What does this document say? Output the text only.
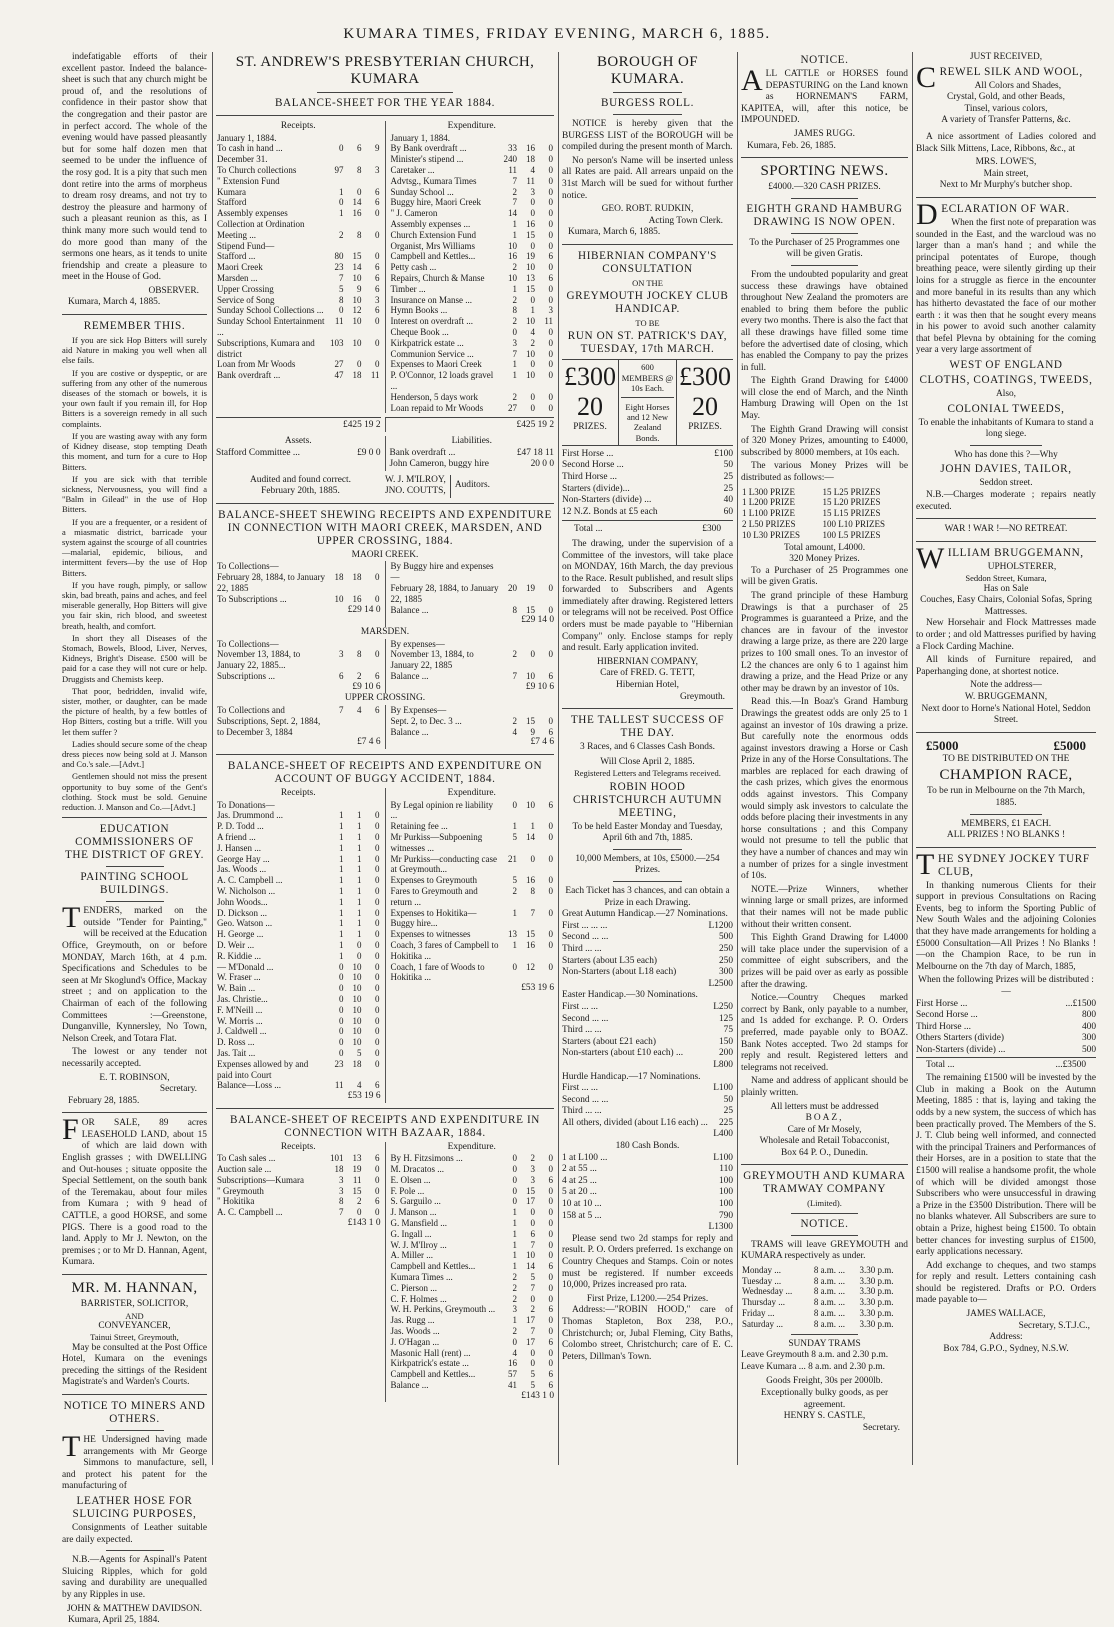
KUMARA TIMES, FRIDAY EVENING, MARCH 6, 1885.

indefatigable efforts of their excellent pastor. Indeed the balance-sheet is such that any church might be proud of, and the resolutions of confidence in their pastor show that the congregation and their pastor are in perfect accord. The whole of the evening would have passed pleasantly but for some half dozen men that seemed to be under the influence of the rosy god. It is a pity that such men dont retire into the arms of morpheus to dream rosy dreams, and not try to destroy the pleasure and harmony of such a pleasant reunion as this, as I think many more such would tend to do more good than many of the sermons one hears, as it tends to unite friendship and create a pleasure to meet in the House of God.

OBSERVER.
Kumara, March 4, 1885.
REMEMBER THIS.

If you are sick Hop Bitters will surely aid Nature in making you well when all else fails.

If you are costive or dyspeptic, or are suffering from any other of the numerous diseases of the stomach or bowels, it is your own fault if you remain ill, for Hop Bitters is a sovereign remedy in all such complaints.

If you are wasting away with any form of Kidney disease, stop tempting Death this moment, and turn for a cure to Hop Bitters.

If you are sick with that terrible sickness, Nervousness, you will find a "Balm in Gilead" in the use of Hop Bitters.

If you are a frequenter, or a resident of a miasmatic district, barricade your system against the scourge of all countries—malarial, epidemic, bilious, and intermittent fevers—by the use of Hop Bitters.

If you have rough, pimply, or sallow skin, bad breath, pains and aches, and feel miserable generally, Hop Bitters will give you fair skin, rich blood, and sweetest breath, health, and comfort.

In short they all Diseases of the Stomach, Bowels, Blood, Liver, Nerves, Kidneys, Bright's Disease. £500 will be paid for a case they will not cure or help. Druggists and Chemists keep.

That poor, bedridden, invalid wife, sister, mother, or daughter, can be made the picture of health, by a few bottles of Hop Bitters, costing but a trifle. Will you let them suffer ?

Ladies should secure some of the cheap dress pieces now being sold at J. Manson and Co.'s sale.—[Advt.]

Gentlemen should not miss the present opportunity to buy some of the Gent's clothing. Stock must be sold. Genuine reduction. J. Manson and Co.—[Advt.]

EDUCATION COMMISSIONERS OF THE DISTRICT OF GREY.
PAINTING SCHOOL BUILDINGS.

TENDERS, marked on the outside "Tender for Painting," will be received at the Education Office, Greymouth, on or before MONDAY, March 16th, at 4 p.m. Specifications and Schedules to be seen at Mr Skoglund's Office, Mackay street ; and on application to the Chairman of each of the following Committees :—Greenstone, Dunganville, Kynnersley, No Town, Nelson Creek, and Totara Flat.

The lowest or any tender not necessarily accepted.

E. T. ROBINSON,
Secretary.
February 28, 1885.

FOR SALE, 89 acres LEASEHOLD LAND, about 15 of which are laid down with English grasses ; with DWELLING and Out-houses ; situate opposite the Special Settlement, on the south bank of the Teremakau, about four miles from Kumara ; with 9 head of CATTLE, a good HORSE, and some PIGS. There is a good road to the land. Apply to Mr J. Newton, on the premises ; or to Mr D. Hannan, Agent, Kumara.

MR. M. HANNAN,
BARRISTER, SOLICITOR,
AND
CONVEYANCER,
Tainui Street, Greymouth,

May be consulted at the Post Office Hotel, Kumara on the evenings preceding the sittings of the Resident Magistrate's and Warden's Courts.

NOTICE TO MINERS AND OTHERS.

THE Undersigned having made arrangements with Mr George Simmons to manufacture, sell, and protect his patent for the manufacturing of

LEATHER HOSE FOR SLUICING PURPOSES,

Consignments of Leather suitable are daily expected.

N.B.—Agents for Aspinall's Patent Sluicing Ripples, which for gold saving and durability are unequalled by any Ripples in use.

JOHN & MATTHEW DAVIDSON.
Kumara, April 25, 1884.
ST. ANDREW'S PRESBYTERIAN CHURCH, KUMARA
BALANCE-SHEET FOR THE YEAR 1884.
Receipts.
January 1, 1884.			
To cash in hand ...	0	6	9
December 31.			
To Church collections	97	8	3
" Extension Fund			
Kumara	1	0	6
Stafford	0	14	6
Assembly expenses	1	16	0
Collection at Ordination			
Meeting ...	2	8	0
Stipend Fund—			
Stafford ...	80	15	0
Maori Creek	23	14	6
Marsden ...	7	10	6
Upper Crossing	5	9	6
Service of Song	8	10	3
Sunday School Collections ...	0	12	6
Sunday School Entertainment ...	11	10	0
Subscriptions, Kumara and district	103	10	0
Loan from Mr Woods	27	0	0
Bank overdraft ...	47	18	11
Expenditure.
January 1, 1884.			
By Bank overdraft ...	33	16	0
Minister's stipend ...	240	18	0
Caretaker ...	11	4	0
Advtsg., Kumara Times	7	11	0
Sunday School ...	2	3	0
Buggy hire, Maori Creek	7	0	0
" J. Cameron	14	0	0
Assembly expenses ...	1	16	0
Church Extension Fund	1	15	0
Organist, Mrs Williams	10	0	0
Campbell and Kettles...	16	19	6
Petty cash ...	2	10	0
Repairs, Church & Manse	10	13	6
Timber ...	1	15	0
Insurance on Manse ...	2	0	0
Hymn Books ...	8	1	3
Interest on overdraft ...	2	10	11
Cheque Book ...	0	4	0
Kirkpatrick estate ...	3	2	0
Communion Service ...	7	10	0
Expenses to Maori Creek	1	0	0
P. O'Connor, 12 loads gravel ...	1	10	0
Henderson, 5 days work	2	0	0
Loan repaid to Mr Woods	27	0	0
£425 19 2	£425 19 2
Assets.
Stafford Committee ...	£9 0 0
Liabilities.
Bank overdraft ...	£47 18 11
John Cameron, buggy hire	20 0 0
Audited and found correct.
February 20th, 1885.
W. J. M'ILROY,
JNO. COUTTS,
Auditors.
BALANCE-SHEET SHEWING RECEIPTS AND EXPENDITURE IN CONNECTION WITH MAORI CREEK, MARSDEN, AND UPPER CROSSING, 1884.
MAORI CREEK.
To Collections—			
February 28, 1884, to January 22, 1885	18	18	0
To Subscriptions ...	10	16	0
£29 14 0
By Buggy hire and expenses—			
February 28, 1884, to January 22, 1885	20	19	0
Balance ...	8	15	0
£29 14 0
MARSDEN.
To Collections—			
November 13, 1884, to January 22, 1885...	3	8	0
Subscriptions ...	6	2	6
£9 10 6
By expenses—			
November 13, 1884, to January 22, 1885	2	0	0
Balance ...	7	10	6
£9 10 6
UPPER CROSSING.
To Collections and Subscriptions, Sept. 2, 1884, to December 3, 1884	7	4	6
£7 4 6
By Expenses—			
Sept. 2, to Dec. 3 ...	2	15	0
Balance ...	4	9	6
£7 4 6
BALANCE-SHEET OF RECEIPTS AND EXPENDITURE ON ACCOUNT OF BUGGY ACCIDENT, 1884.
Receipts.
To Donations—			
Jas. Drummond ...	1	1	0
P. D. Todd ...	1	1	0
A friend ...	1	1	0
J. Hansen ...	1	1	0
George Hay ...	1	1	0
Jas. Woods ...	1	1	0
A. C. Campbell ...	1	1	0
W. Nicholson ...	1	1	0
John Woods...	1	1	0
D. Dickson ...	1	1	0
Geo. Watson ...	1	1	0
H. George ...	1	1	0
D. Weir ...	1	0	0
R. Kiddie ...	1	0	0
— M'Donald ...	0	10	0
W. Fraser ...	0	10	0
W. Bain ...	0	10	0
Jas. Christie...	0	10	0
F. M'Neill ...	0	10	0
W. Morris ...	0	10	0
J. Caldwell ...	0	10	0
D. Ross ...	0	10	0
Jas. Tait ...	0	5	0
Expenses allowed by and paid into Court	23	18	0
Balance—Loss ...	11	4	6
£53 19 6
Expenditure.
By Legal opinion re liability ...	0	10	6
Retaining fee ...	1	1	0
Mr Purkiss—Subpoening witnesses ...	5	14	0
Mr Purkiss—conducting case at Greymouth...	21	0	0
Expenses to Greymouth	5	16	0
Fares to Greymouth and return ...	2	8	0
Expenses to Hokitika—Buggy hire...	1	7	0
Expenses to witnesses	13	15	0
Coach, 3 fares of Campbell to Hokitika ...	1	16	0
Coach, 1 fare of Woods to Hokitika ...	0	12	0
£53 19 6
BALANCE-SHEET OF RECEIPTS AND EXPENDITURE IN CONNECTION WITH BAZAAR, 1884.
Receipts.
To Cash sales ...	101	13	6
Auction sale ...	18	19	0
Subscriptions—Kumara	3	11	0
" Greymouth	3	15	0
" Hokitika	8	2	6
A. C. Campbell ...	7	0	0
£143 1 0
Expenditure.
By H. Fitzsimons ...	0	2	0
M. Dracatos ...	0	3	0
E. Olsen ...	0	3	6
F. Pole ...	0	15	0
S. Garguilo ...	0	17	0
J. Manson ...	1	0	0
G. Mansfield ...	1	0	0
G. Ingall ...	1	6	0
W. J. M'Ilroy ...	1	7	0
A. Miller ...	1	10	0
Campbell and Kettles...	1	14	6
Kumara Times ...	2	5	0
C. Pierson ...	2	7	0
C. F. Holmes ...	2	0	0
W. H. Perkins, Greymouth ...	3	2	6
Jas. Rugg ...	1	17	0
Jas. Woods ...	2	7	0
J. O'Hagan ...	0	17	6
Masonic Hall (rent) ...	4	0	0
Kirkpatrick's estate ...	16	0	0
Campbell and Kettles...	57	5	6
Balance ...	41	5	6
£143 1 0
BOROUGH OF KUMARA.
BURGESS ROLL.

NOTICE is hereby given that the BURGESS LIST of the BOROUGH will be compiled during the present month of March.

No person's Name will be inserted unless all Rates are paid. All arrears unpaid on the 31st March will be sued for without further notice.

GEO. ROBT. RUDKIN,
Acting Town Clerk.
Kumara, March 6, 1885.
HIBERNIAN COMPANY'S CONSULTATION
ON THE
GREYMOUTH JOCKEY CLUB HANDICAP.
TO BE
RUN ON ST. PATRICK'S DAY, TUESDAY, 17th MARCH.
£300
20
PRIZES.
600 MEMBERS @ 10s Each.
Eight Horses and 12 New Zealand Bonds.
£300
20
PRIZES.
First Horse ...	£100
Second Horse ...	50
Third Horse ...	25
Starters (divide)...	25
Non-Starters (divide) ...	40
12 N.Z. Bonds at £5 each	60
Total ...	£300

The drawing, under the supervision of a Committee of the investors, will take place on MONDAY, 16th March, the day previous to the Race. Result published, and result slips forwarded to Subscribers and Agents immediately after drawing. Registered letters or telegrams will not be received. Post Office orders must be made payable to "Hibernian Company" only. Enclose stamps for reply and result. Early application invited.

HIBERNIAN COMPANY,
Care of FRED. G. TETT,
Hibernian Hotel,
Greymouth.
THE TALLEST SUCCESS OF THE DAY.
3 Races, and 6 Classes Cash Bonds.
Will Close April 2, 1885.
Registered Letters and Telegrams received.
ROBIN HOOD CHRISTCHURCH AUTUMN MEETING,
To be held Easter Monday and Tuesday, April 6th and 7th, 1885.
10,000 Members, at 10s, £5000.—254 Prizes.
Each Ticket has 3 chances, and can obtain a Prize in each Drawing.
Great Autumn Handicap.—27 Nominations.
First ... ... ...	L1200
Second ... ...	500
Third ... ...	250
Starters (about L35 each)	250
Non-Starters (about L18 each)	300
L2500
Easter Handicap.—30 Nominations.
First ... ...	L250
Second ... ...	125
Third ... ...	75
Starters (about £21 each)	150
Non-starters (about £10 each) ...	200
L800
Hurdle Handicap.—17 Nominations.
First ... ...	L100
Second ... ...	50
Third ... ...	25
All others, divided (about L16 each) ... 225
L400
180 Cash Bonds.
1 at L100 ...	L100
2 at 55 ...	110
4 at 25 ...	100
5 at 20 ...	100
10 at 10 ...	100
158 at 5 ...	790
L1300

Please send two 2d stamps for reply and result. P. O. Orders preferred. 1s exchange on Country Cheques and Stamps. Coin or notes must be registered. If number exceeds 10,000, Prizes increased pro rata.

First Prize, L1200.—254 Prizes.

Address:—"ROBIN HOOD," care of Thomas Stapleton, Box 238, P.O., Christchurch; or, Jubal Fleming, City Baths, Colombo street, Christchurch; care of E. C. Peters, Dillman's Town.

NOTICE.

ALL CATTLE or HORSES found DEPASTURING on the Land known as HORNEMAN'S FARM, KAPITEA, will, after this notice, be IMPOUNDED.

JAMES RUGG.
Kumara, Feb. 26, 1885.
SPORTING NEWS.
£4000.—320 CASH PRIZES.
EIGHTH GRAND HAMBURG DRAWING IS NOW OPEN.
To the Purchaser of 25 Programmes one will be given Gratis.

From the undoubted popularity and great success these drawings have obtained throughout New Zealand the promoters are enabled to bring them before the public every two months. There is also the fact that all these drawings have filled some time before the advertised date of closing, which has enabled the Company to pay the prizes in full.

The Eighth Grand Drawing for £4000 will close the end of March, and the Ninth Hamburg Drawing will Open on the 1st May.

The Eighth Grand Drawing will consist of 320 Money Prizes, amounting to £4000, subscribed by 8000 members, at 10s each.

The various Money Prizes will be distributed as follows:—

1 L300 PRIZE	15 L25 PRIZES
1 L200 PRIZE	15 L20 PRIZES
1 L100 PRIZE	15 L15 PRIZES
2 L50 PRIZES	100 L10 PRIZES
10 L30 PRIZES	100 L5 PRIZES
Total amount, L4000.
320 Money Prizes.

To a Purchaser of 25 Programmes one will be given Gratis.

The grand principle of these Hamburg Drawings is that a purchaser of 25 Programmes is guaranteed a Prize, and the chances are in favour of the investor drawing a large prize, as there are 220 large prizes to 100 small ones. To an investor of L2 the chances are only 6 to 1 against him drawing a prize, and the Head Prize or any other may be drawn by an investor of 10s.

Read this.—In Boaz's Grand Hamburg Drawings the greatest odds are only 25 to 1 against an investor of 10s drawing a prize. But carefully note the enormous odds against investors drawing a Horse or Cash Prize in any of the Horse Consultations. The marbles are replaced for each drawing of the cash prizes, which gives the enormous odds against investors. This Company would simply ask investors to calculate the odds before placing their investments in any horse consultations ; and this Company would not presume to tell the public that they have a number of chances and may win a number of prizes for a single investment of 10s.

NOTE.—Prize Winners, whether winning large or small prizes, are informed that their names will not be made public without their written consent.

This Eighth Grand Drawing for L4000 will take place under the supervision of a committee of eight subscribers, and the prizes will be paid over as early as possible after the drawing.

Notice.—Country Cheques marked correct by Bank, only payable to a number, and 1s added for exchange. P. O. Orders preferred, made payable only to BOAZ. Bank Notes accepted. Two 2d stamps for reply and result. Registered letters and telegrams not received.

Name and address of applicant should be plainly written.

All letters must be addressed
BOAZ,
Care of Mr Mosely,
Wholesale and Retail Tobacconist,
Box 64 P. O., Dunedin.
GREYMOUTH AND KUMARA TRAMWAY COMPANY
(Limited).
NOTICE.

TRAMS will leave GREYMOUTH and KUMARA respectively as under.

Monday ...	8 a.m. ...	3.30 p.m.
Tuesday ...	8 a.m. ...	3.30 p.m.
Wednesday ...	8 a.m. ...	3.30 p.m.
Thursday ...	8 a.m. ...	3.30 p.m.
Friday ...	8 a.m. ...	3.30 p.m.
Saturday ...	8 a.m. ...	3.30 p.m.
SUNDAY TRAMS
Leave Greymouth 8 a.m. and 2.30 p.m.
Leave Kumara ... 8 a.m. and 2.30 p.m.
Goods Freight, 30s per 2000lb.
Exceptionally bulky goods, as per agreement.
HENRY S. CASTLE,
Secretary.
JUST RECEIVED,
CREWEL SILK AND WOOL,
All Colors and Shades,
Crystal, Gold, and other Beads,
Tinsel, various colors,
A variety of Transfer Patterns, &c.

A nice assortment of Ladies colored and Black Silk Mittens, Lace, Ribbons, &c., at

MRS. LOWE'S,
Main street,
Next to Mr Murphy's butcher shop.
DECLARATION OF WAR.

When the first note of preparation was sounded in the East, and the warcloud was no larger than a man's hand ; and while the principal potentates of Europe, though breathing peace, were silently girding up their loins for a struggle as fierce in the encounter and more baneful in its results than any which has hitherto devastated the face of our mother earth : it was then that he sought every means in his power to avoid such another calamity that befel Plevna by obtaining for the coming year a very large assortment of

WEST OF ENGLAND
CLOTHS, COATINGS, TWEEDS,
Also,
COLONIAL TWEEDS,
To enable the inhabitants of Kumara to stand a long siege.
Who has done this ?—Why
JOHN DAVIES, TAILOR,
Seddon street.

N.B.—Charges moderate ; repairs neatly executed.

WAR ! WAR !—NO RETREAT.
WILLIAM BRUGGEMANN,
UPHOLSTERER,
Seddon Street, Kumara,
Has on Sale
Couches, Easy Chairs, Colonial Sofas, Spring Mattresses.

New Horsehair and Flock Mattresses made to order ; and old Mattresses purified by having a Flock Carding Machine.

All kinds of Furniture repaired, and Paperhanging done, at shortest notice.

Note the address—
W. BRUGGEMANN,
Next door to Horne's National Hotel, Seddon Street.
£5000	£5000
TO BE DISTRIBUTED ON THE
CHAMPION RACE,
To be run in Melbourne on the 7th March, 1885.
MEMBERS, £1 EACH.
ALL PRIZES ! NO BLANKS !
THE SYDNEY JOCKEY TURF CLUB,

In thanking numerous Clients for their support in previous Consultations on Racing Events, beg to inform the Sporting Public of New South Wales and the adjoining Colonies that they have made arrangements for holding a £5000 Consultation—All Prizes ! No Blanks !—on the Champion Race, to be run in Melbourne on the 7th day of March, 1885,

When the following Prizes will be distributed :—
First Horse ...	...£1500
Second Horse ...	800
Third Horse ...	400
Others Starters (divide)	300
Non-Starters (divide) ...	500
Total ...	...£3500

The remaining £1500 will be invested by the Club in making a Book on the Autumn Meeting, 1885 : that is, laying and taking the odds by a new system, the success of which has been practically proved. The Members of the S. J. T. Club being well informed, and connected with the principal Trainers and Performances of their Horses, are in a position to state that the £1500 will realise a handsome profit, the whole of which will be divided amongst those Subscribers who were unsuccessful in drawing a Prize in the £3500 Distribution. There will be no blanks whatever. All Subscribers are sure to obtain a Prize, highest being £1500. To obtain better chances for investing surplus of £1500, early applications necessary.

Add exchange to cheques, and two stamps for reply and result. Letters containing cash should be registered. Drafts or P.O. Orders made payable to—

JAMES WALLACE,
Secretary, S.T.J.C.,
Address:
Box 784, G.P.O., Sydney, N.S.W.
